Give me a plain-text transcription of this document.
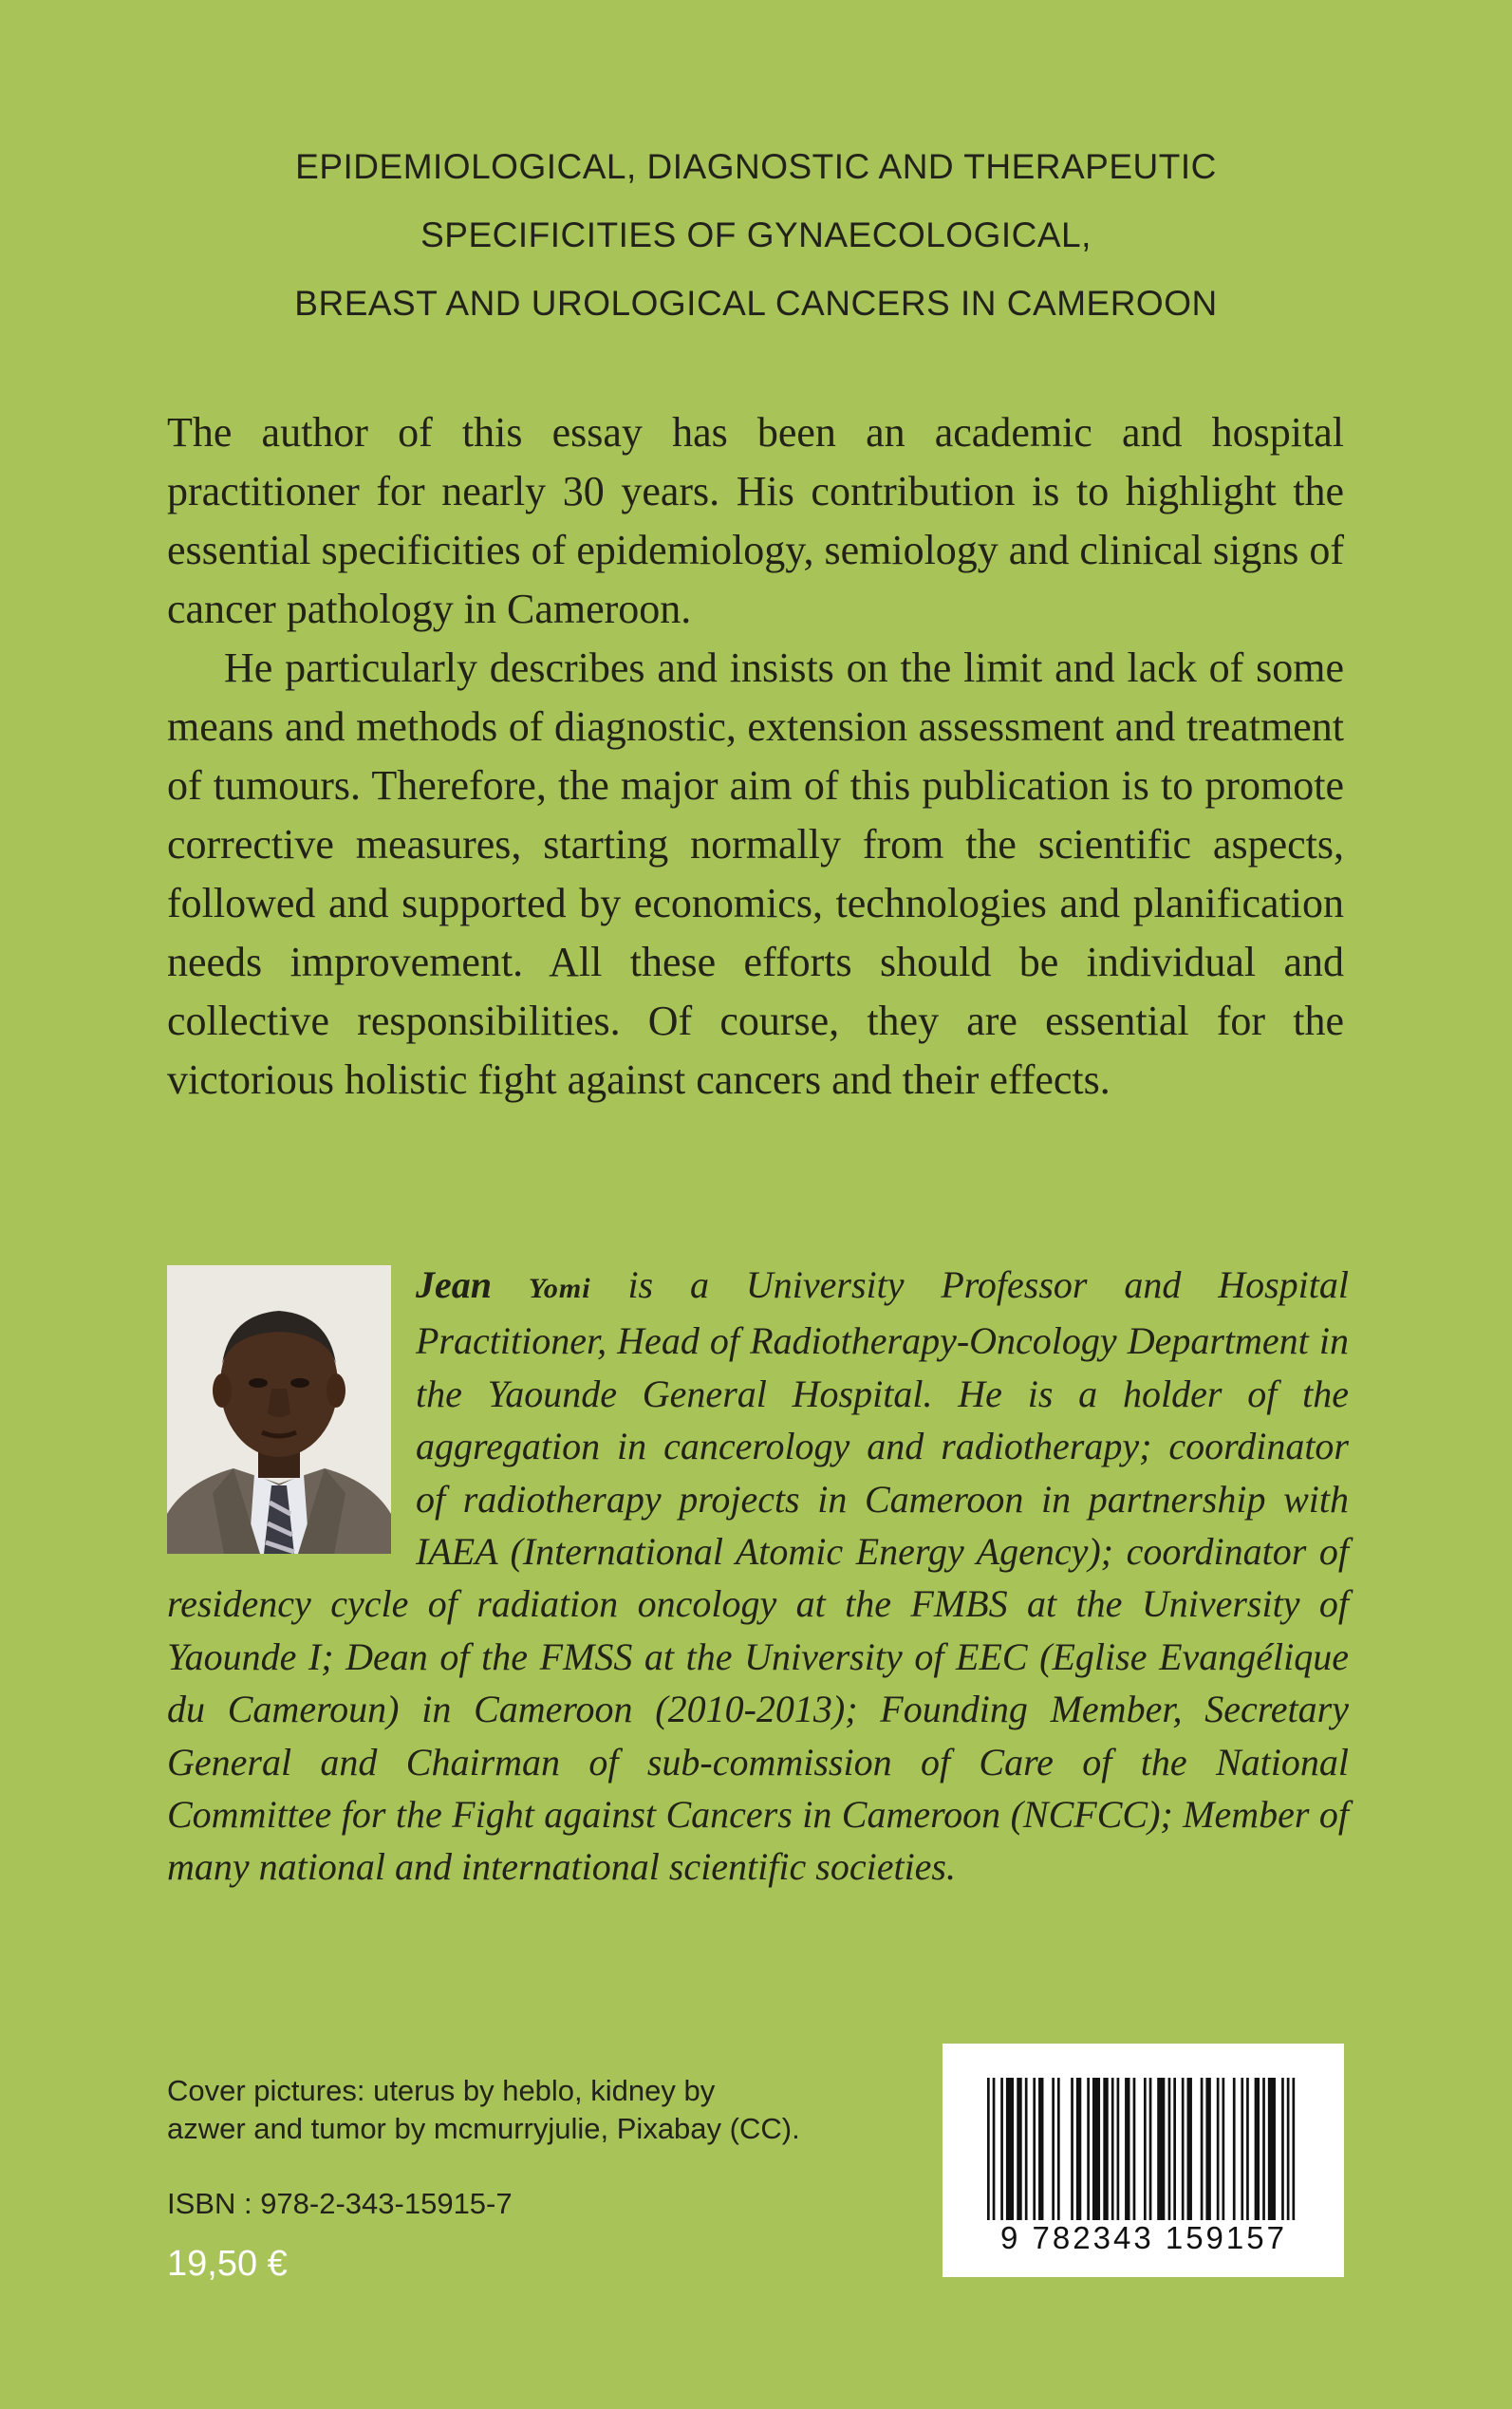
EPIDEMIOLOGICAL, DIAGNOSTIC AND THERAPEUTIC
SPECIFICITIES OF GYNAECOLOGICAL,
BREAST AND UROLOGICAL CANCERS IN CAMEROON

The author of this essay has been an academic and hospital practitioner for nearly 30 years. His contribution is to highlight the essential specificities of epidemiology, semiology and clinical signs of cancer pathology in Cameroon.

He particularly describes and insists on the limit and lack of some means and methods of diagnostic, extension assessment and treatment of tumours. Therefore, the major aim of this publication is to promote corrective measures, starting normally from the scientific aspects, followed and supported by economics, technologies and planification needs improvement. All these efforts should be individual and collective responsibilities. Of course, they are essential for the victorious holistic fight against cancers and their effects.

Jean Yomi is a University Professor and Hospital Practitioner, Head of Radiotherapy-Oncology Department in the Yaounde General Hospital. He is a holder of the aggregation in cancerology and radiotherapy; coordinator of radiotherapy projects in Cameroon in partnership with IAEA (International Atomic Energy Agency); coordinator of residency cycle of radiation oncology at the FMBS at the University of Yaounde I; Dean of the FMSS at the University of EEC (Eglise Evangélique du Cameroun) in Cameroon (2010-2013); Founding Member, Secretary General and Chairman of sub-commission of Care of the National Committee for the Fight against Cancers in Cameroon (NCFCC); Member of many national and international scientific societies.
Cover pictures: uterus by heblo, kidney by
azwer and tumor by mcmurryjulie, Pixabay (CC).
ISBN : 978-2-343-15915-7
19,50 €
9 782343 159157
